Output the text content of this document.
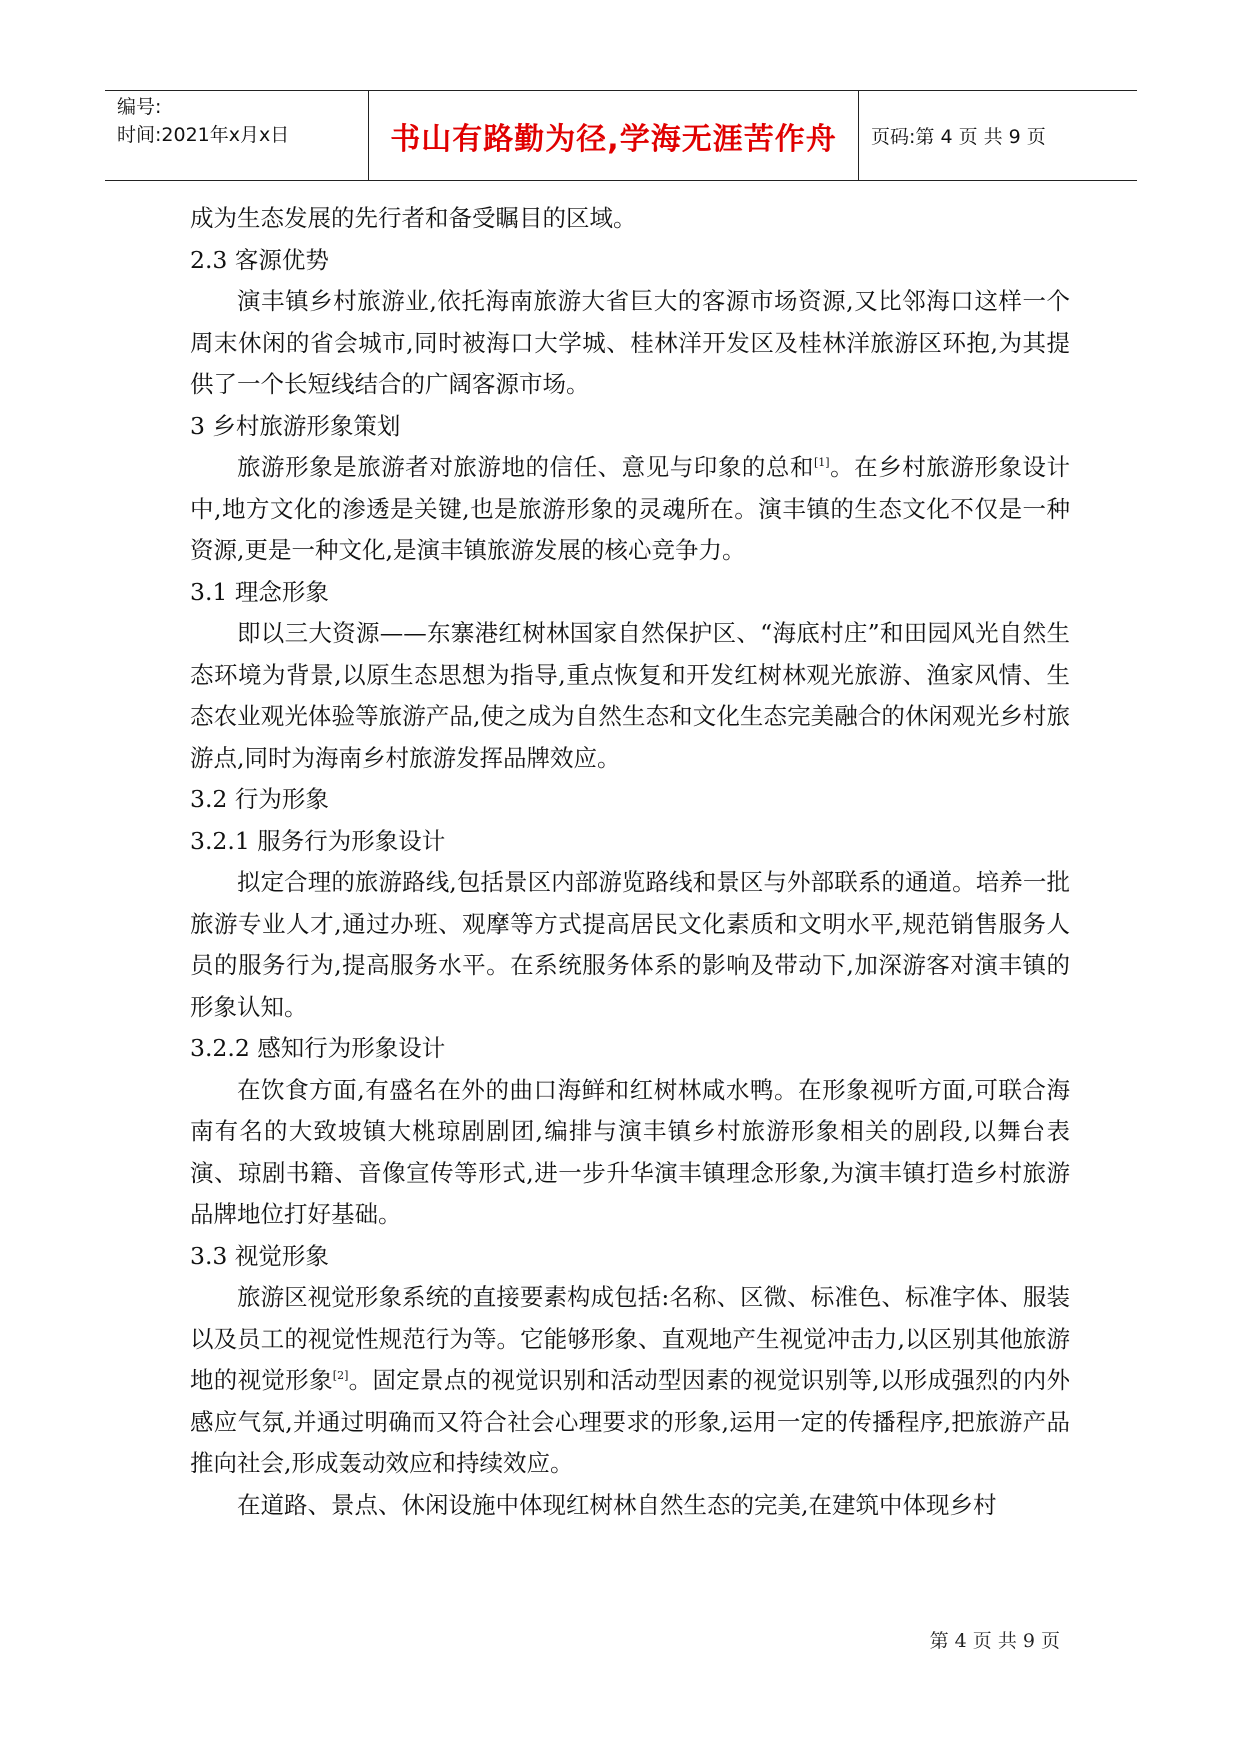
编号:
时间:2021年x月x日	书山有路勤为径,学海无涯苦作舟 页码:第 4 页 共 9 页

成为生态发展的先行者和备受瞩目的区域。

2.3 客源优势

演丰镇乡村旅游业,依托海南旅游大省巨大的客源市场资源,又比邻海口这样一个周末休闲的省会城市,同时被海口大学城、桂林洋开发区及桂林洋旅游区环抱,为其提供了一个长短线结合的广阔客源市场。

3 乡村旅游形象策划

旅游形象是旅游者对旅游地的信任、意见与印象的总和[1]。在乡村旅游形象设计中,地方文化的渗透是关键,也是旅游形象的灵魂所在。演丰镇的生态文化不仅是一种资源,更是一种文化,是演丰镇旅游发展的核心竞争力。

3.1 理念形象

即以三大资源——东寨港红树林国家自然保护区、“海底村庄”和田园风光自然生态环境为背景,以原生态思想为指导,重点恢复和开发红树林观光旅游、渔家风情、生态农业观光体验等旅游产品,使之成为自然生态和文化生态完美融合的休闲观光乡村旅游点,同时为海南乡村旅游发挥品牌效应。

3.2 行为形象

3.2.1 服务行为形象设计

拟定合理的旅游路线,包括景区内部游览路线和景区与外部联系的通道。培养一批旅游专业人才,通过办班、观摩等方式提高居民文化素质和文明水平,规范销售服务人员的服务行为,提高服务水平。在系统服务体系的影响及带动下,加深游客对演丰镇的形象认知。

3.2.2 感知行为形象设计

在饮食方面,有盛名在外的曲口海鲜和红树林咸水鸭。在形象视听方面,可联合海南有名的大致坡镇大桃琼剧剧团,编排与演丰镇乡村旅游形象相关的剧段,以舞台表演、琼剧书籍、音像宣传等形式,进一步升华演丰镇理念形象,为演丰镇打造乡村旅游品牌地位打好基础。

3.3 视觉形象

旅游区视觉形象系统的直接要素构成包括:名称、区微、标准色、标准字体、服装以及员工的视觉性规范行为等。它能够形象、直观地产生视觉冲击力,以区别其他旅游地的视觉形象[2]。固定景点的视觉识别和活动型因素的视觉识别等,以形成强烈的内外感应气氛,并通过明确而又符合社会心理要求的形象,运用一定的传播程序,把旅游产品推向社会,形成轰动效应和持续效应。

在道路、景点、休闲设施中体现红树林自然生态的完美,在建筑中体现乡村

第 4 页 共 9 页
